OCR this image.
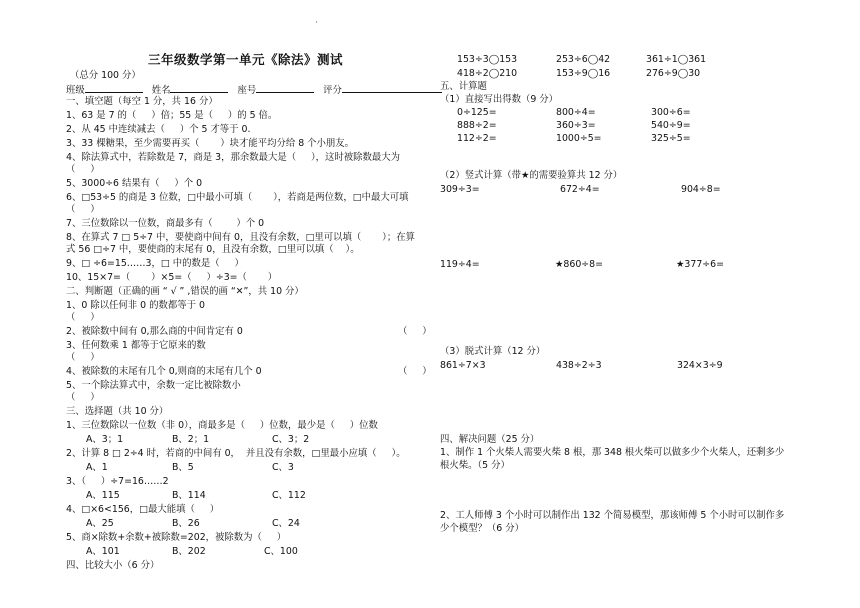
·
三年级数学第一单元《除法》测试
（总分 100 分）
班级	姓名	座号	评分
一、填空题（每空 1 分，共 16 分）
1、63 是 7 的（     ）倍；55 是（     ）的 5 倍。
2、从 45 中连续减去（     ）个 5 才等于 0.
3、33 棵糖果，至少需要再买（       ）块才能平均分给 8 个小朋友。
4、除法算式中，若除数是 7，商是 3，那余数最大是（     ），这时被除数最大为
（     ）
5、3000÷6 结果有（     ）个 0
6、□53÷5 的商是 3 位数，□中最小可填（       ），若商是两位数，□中最大可填
（     ）
7、三位数除以一位数，商最多有（        ）个 0
8、在算式 7 □ 5÷7 中，要使商中间有 0，且没有余数，□里可以填（       ）；在算
式 56 □÷7 中，要使商的末尾有 0，且没有余数，□里可以填（    ）。
9、□ ÷6=15……3，□ 中的数是（     ）
10、15×7=（       ）×5=（     ）÷3=（       ）
二、判断题（正确的画 “ √ ” ,错误的画 “✕”，共 10 分）
1、0 除以任何非 0 的数都等于 0
（     ）
2、被除数中间有 0,那么商的中间肯定有 0
3、任何数乘 1 都等于它原来的数
（     ）
4、被除数的末尾有几个 0,则商的末尾有几个 0
5、一个除法算式中，余数一定比被除数小
（     ）
三、选择题（共 10 分）
1、三位数除以一位数（非 0），商最多是（     ）位数，最少是（     ）位数
A、3；1	B、2；1	C、3；2
2、计算 8 □ 2÷4 时，若商的中间有 0，  并且没有余数，□里最小应填（     ）。
A、1	B、5	C、3
3、（     ）÷7=16……2
A、115	B、114	C、112
4、□×6<156，□最大能填（     ）
A、25	B、26	C、24
5、商×除数+余数+被除数=202，被除数为（     ）
A、101	B、202	C、100
四、比较大小（6 分）
（     ）
（     ）
153÷3◯153	253÷6◯42	361÷1◯361
418÷2◯210	153÷9◯16	276÷9◯30
五、计算题
（1）直接写出得数（9 分）
0÷125=	800÷4=	300÷6=
888÷2=	360÷3=	540÷9=
112÷2=	1000÷5=	325÷5=
（2）竖式计算（带★的需要验算共 12 分）
309÷3=	672÷4=	904÷8=
119÷4=	★860÷8=	★377÷6=
（3）脱式计算（12 分）
861÷7×3	438÷2÷3	324×3÷9
四、解决问题（25 分）
1、制作 1 个火柴人需要火柴 8 根，那 348 根火柴可以做多少个火柴人，还剩多少
根火柴。（5 分）
2、工人师傅 3 个小时可以制作出 132 个简易模型，那该师傅 5 个小时可以制作多
少个模型？（6 分）
